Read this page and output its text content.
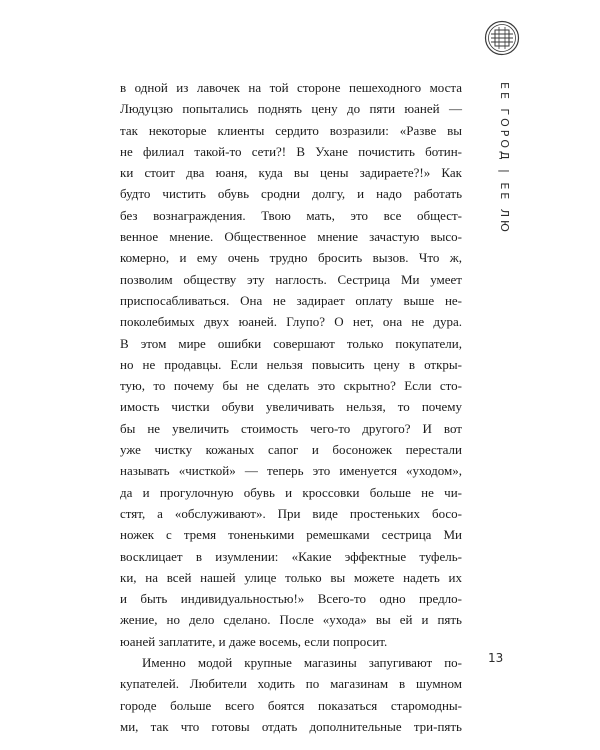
ЕЕ ГОРОД | ЕЕ ЛЮ
в одной из лавочек на той стороне пешеходного моста
Людуцзю попытались поднять цену до пяти юаней —
так некоторые клиенты сердито возразили: «Разве вы
не филиал такой-то сети?! В Ухане почистить ботин-
ки стоит два юаня, куда вы цены задираете?!» Как
будто чистить обувь сродни долгу, и надо работать
без вознаграждения. Твою мать, это все общест-
венное мнение. Общественное мнение зачастую высо-
комерно, и ему очень трудно бросить вызов. Что ж,
позволим обществу эту наглость. Сестрица Ми умеет
приспосабливаться. Она не задирает оплату выше не-
поколебимых двух юаней. Глупо? О нет, она не дура.
В этом мире ошибки совершают только покупатели,
но не продавцы. Если нельзя повысить цену в откры-
тую, то почему бы не сделать это скрытно? Если сто-
имость чистки обуви увеличивать нельзя, то почему
бы не увеличить стоимость чего-то другого? И вот
уже чистку кожаных сапог и босоножек перестали
называть «чисткой» — теперь это именуется «уходом»,
да и прогулочную обувь и кроссовки больше не чи-
стят, а «обслуживают». При виде простеньких босо-
ножек с тремя тоненькими ремешками сестрица Ми
восклицает в изумлении: «Какие эффектные туфель-
ки, на всей нашей улице только вы можете надеть их
и быть индивидуальностью!» Всего-то одно предло-
жение, но дело сделано. После «ухода» вы ей и пять
юаней заплатите, и даже восемь, если попросит.
Именно модой крупные магазины запугивают по-
купателей. Любители ходить по магазинам в шумном
городе больше всего боятся показаться старомодны-
ми, так что готовы отдать дополнительные три-пять
13
